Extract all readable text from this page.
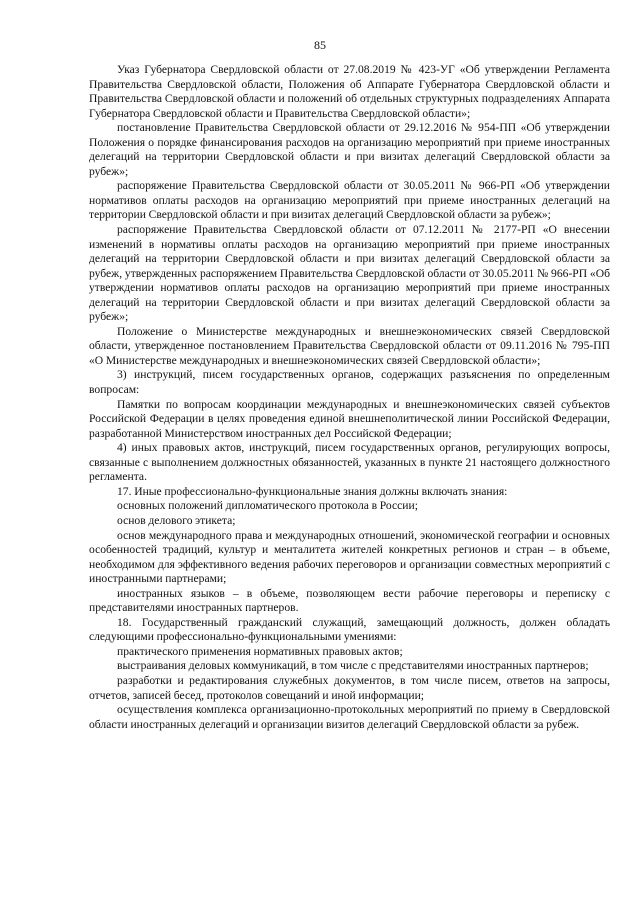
85

Указ Губернатора Свердловской области от 27.08.2019 № 423-УГ «Об утверждении Регламента Правительства Свердловской области, Положения об Аппарате Губернатора Свердловской области и Правительства Свердловской области и положений об отдельных структурных подразделениях Аппарата Губернатора Свердловской области и Правительства Свердловской области»;

постановление Правительства Свердловской области от 29.12.2016 № 954-ПП «Об утверждении Положения о порядке финансирования расходов на организацию мероприятий при приеме иностранных делегаций на территории Свердловской области и при визитах делегаций Свердловской области за рубеж»;

распоряжение Правительства Свердловской области от 30.05.2011 № 966-РП «Об утверждении нормативов оплаты расходов на организацию мероприятий при приеме иностранных делегаций на территории Свердловской области и при визитах делегаций Свердловской области за рубеж»;

распоряжение Правительства Свердловской области от 07.12.2011 № 2177-РП «О внесении изменений в нормативы оплаты расходов на организацию мероприятий при приеме иностранных делегаций на территории Свердловской области и при визитах делегаций Свердловской области за рубеж, утвержденных распоряжением Правительства Свердловской области от 30.05.2011 № 966-РП «Об утверждении нормативов оплаты расходов на организацию мероприятий при приеме иностранных делегаций на территории Свердловской области и при визитах делегаций Свердловской области за рубеж»;

Положение о Министерстве международных и внешнеэкономических связей Свердловской области, утвержденное постановлением Правительства Свердловской области от 09.11.2016 № 795-ПП «О Министерстве международных и внешнеэкономических связей Свердловской области»;

3) инструкций, писем государственных органов, содержащих разъяснения по определенным вопросам:

Памятки по вопросам координации международных и внешнеэкономических связей субъектов Российской Федерации в целях проведения единой внешнеполитической линии Российской Федерации, разработанной Министерством иностранных дел Российской Федерации;

4) иных правовых актов, инструкций, писем государственных органов, регулирующих вопросы, связанные с выполнением должностных обязанностей, указанных в пункте 21 настоящего должностного регламента.

17. Иные профессионально-функциональные знания должны включать знания:

основных положений дипломатического протокола в России;

основ делового этикета;

основ международного права и международных отношений, экономической географии и основных особенностей традиций, культур и менталитета жителей конкретных регионов и стран – в объеме, необходимом для эффективного ведения рабочих переговоров и организации совместных мероприятий с иностранными партнерами;

иностранных языков – в объеме, позволяющем вести рабочие переговоры и переписку с представителями иностранных партнеров.

18. Государственный гражданский служащий, замещающий должность, должен обладать следующими профессионально-функциональными умениями:

практического применения нормативных правовых актов;

выстраивания деловых коммуникаций, в том числе с представителями иностранных партнеров;

разработки и редактирования служебных документов, в том числе писем, ответов на запросы, отчетов, записей бесед, протоколов совещаний и иной информации;

осуществления комплекса организационно-протокольных мероприятий по приему в Свердловской области иностранных делегаций и организации визитов делегаций Свердловской области за рубеж.
